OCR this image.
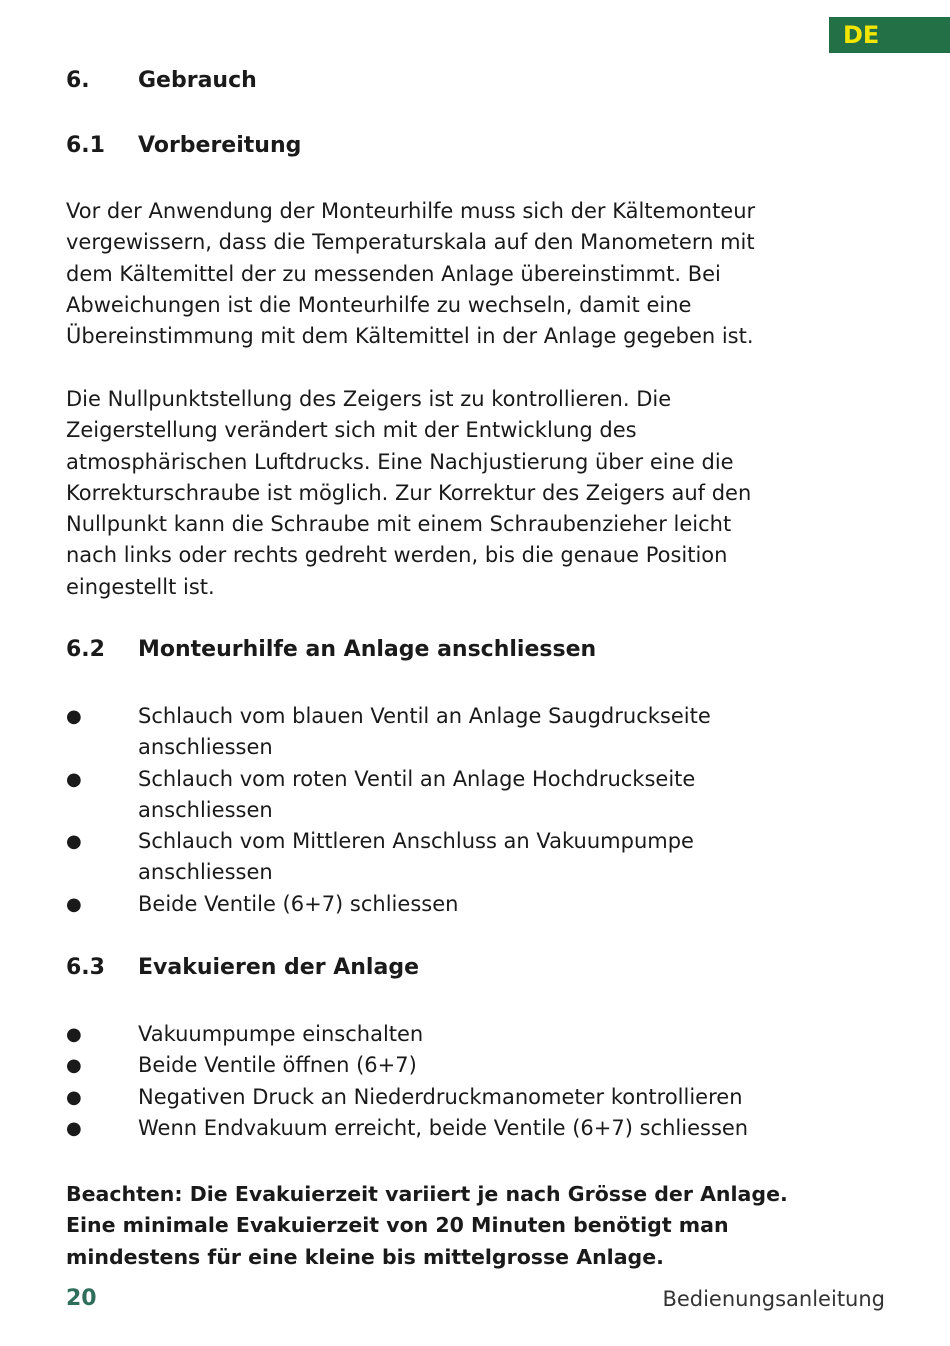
DE
6. Gebrauch
6.1 Vorbereitung
Vor der Anwendung der Monteurhilfe muss sich der Kältemonteur
vergewissern, dass die Temperaturskala auf den Manometern mit
dem Kältemittel der zu messenden Anlage übereinstimmt. Bei
Abweichungen ist die Monteurhilfe zu wechseln, damit eine
Übereinstimmung mit dem Kältemittel in der Anlage gegeben ist.
Die Nullpunktstellung des Zeigers ist zu kontrollieren. Die
Zeigerstellung verändert sich mit der Entwicklung des
atmosphärischen Luftdrucks. Eine Nachjustierung über eine die
Korrekturschraube ist möglich. Zur Korrektur des Zeigers auf den
Nullpunkt kann die Schraube mit einem Schraubenzieher leicht
nach links oder rechts gedreht werden, bis die genaue Position
eingestellt ist.
6.2 Monteurhilfe an Anlage anschliessen
●	Schlauch vom blauen Ventil an Anlage Saugdruckseite
anschliessen
●	Schlauch vom roten Ventil an Anlage Hochdruckseite
anschliessen
●	Schlauch vom Mittleren Anschluss an Vakuumpumpe
anschliessen
●	Beide Ventile (6+7) schliessen
6.3 Evakuieren der Anlage
●	Vakuumpumpe einschalten
●	Beide Ventile öffnen (6+7)
●	Negativen Druck an Niederdruckmanometer kontrollieren
●	Wenn Endvakuum erreicht, beide Ventile (6+7) schliessen
Beachten: Die Evakuierzeit variiert je nach Grösse der Anlage.
Eine minimale Evakuierzeit von 20 Minuten benötigt man
mindestens für eine kleine bis mittelgrosse Anlage.
20	Bedienungsanleitung
